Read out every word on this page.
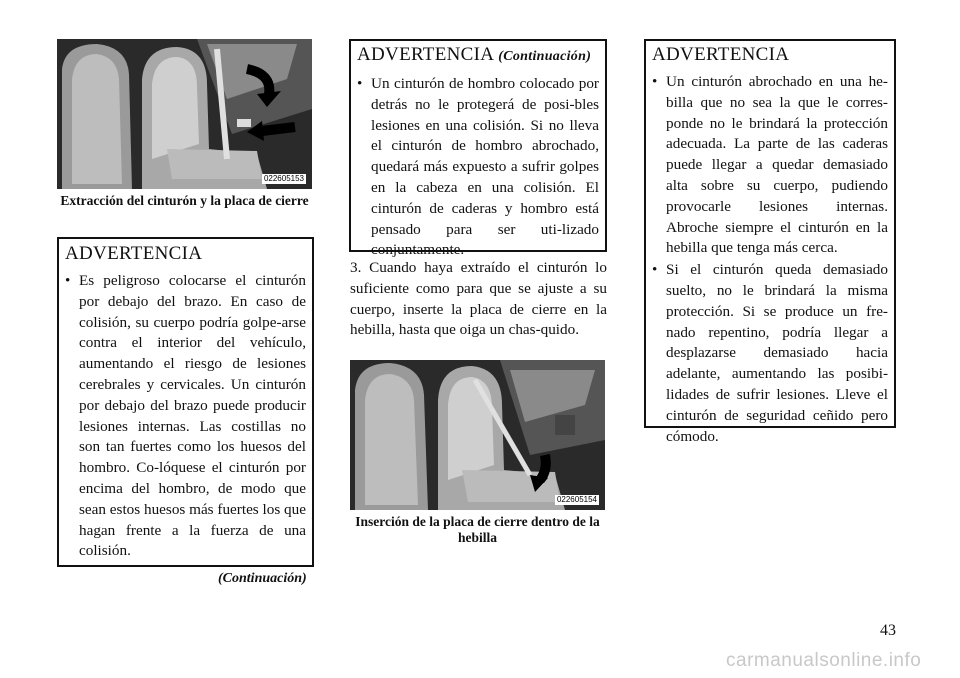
022605153
Extracción del cinturón y la placa de cierre
ADVERTENCIA
• Es peligroso colocarse el cinturón por debajo del brazo. En caso de colisión, su cuerpo podría golpe-arse contra el interior del vehículo, aumentando el riesgo de lesiones cerebrales y cervicales. Un cinturón por debajo del brazo puede producir lesiones internas. Las costillas no son tan fuertes como los huesos del hombro. Co-lóquese el cinturón por encima del hombro, de modo que sean estos huesos más fuertes los que hagan frente a la fuerza de una colisión.
(Continuación)
ADVERTENCIA (Continuación)
• Un cinturón de hombro colocado por detrás no le protegerá de posi-bles lesiones en una colisión. Si no lleva el cinturón de hombro abrochado, quedará más expuesto a sufrir golpes en la cabeza en una colisión. El cinturón de caderas y hombro está pensado para ser uti-lizado conjuntamente.
3. Cuando haya extraído el cinturón lo suficiente como para que se ajuste a su cuerpo, inserte la placa de cierre en la hebilla, hasta que oiga un chas-quido.
022605154
Inserción de la placa de cierre dentro de la hebilla
ADVERTENCIA
• Un cinturón abrochado en una he-billa que no sea la que le corres-ponde no le brindará la protección adecuada. La parte de las caderas puede llegar a quedar demasiado alta sobre su cuerpo, pudiendo provocarle lesiones internas. Abroche siempre el cinturón en la hebilla que tenga más cerca.
• Si el cinturón queda demasiado suelto, no le brindará la misma protección. Si se produce un fre-nado repentino, podría llegar a desplazarse demasiado hacia adelante, aumentando las posibi-lidades de sufrir lesiones. Lleve el cinturón de seguridad ceñido pero cómodo.
43
carmanualsonline.info
